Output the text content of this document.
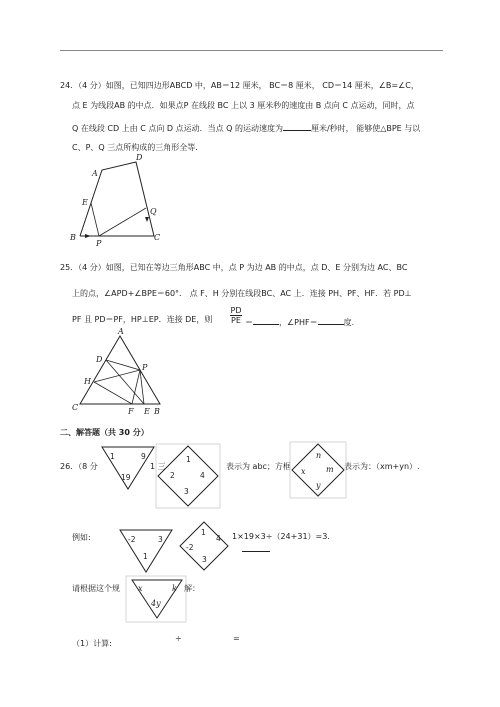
24．（4 分）如图，已知四边形ABCD 中，AB＝12 厘米， BC＝8 厘米， CD＝14 厘米，∠B=∠C，
点 E 为线段AB 的中点．如果点P 在线段 BC 上以 3 厘米秒的速度由 B 点向 C 点运动，同时，点
Q 在线段 CD 上由 C 点向 D 点运动．当点 Q 的运动速度为	厘米/秒时， 能够使△BPE 与以
C、P、Q 三点所构成的三角形全等.
A
D
E
Q
B
P
C
25．（4 分）如图，已知在等边三角形ABC 中，点 P 为边 AB 的中点，点 D、E 分别为边 AC、BC
上的点，∠APD+∠BPE＝60°． 点 F、H 分别在线段BC、AC 上．连接 PH、PF、HF．若 PD⊥
PF 且 PD＝PF，HP⊥EP．连接 DE，则
PD
PE ＝	，∠PHF＝	度.
A
D
H
P
C	F	B
E
二、解答题（共 30 分）
26．（8 分	1 三	表示为 abc；方框	表示为：（xm+yn）.
1	9
19
1
2
3
4
n
x	m
y
例如:	-2	3
1
1
4
-2
3
1×19×3÷（24+31）=3．
请根据这个规	解：
x	k
4y
（1）计算:
÷	=
